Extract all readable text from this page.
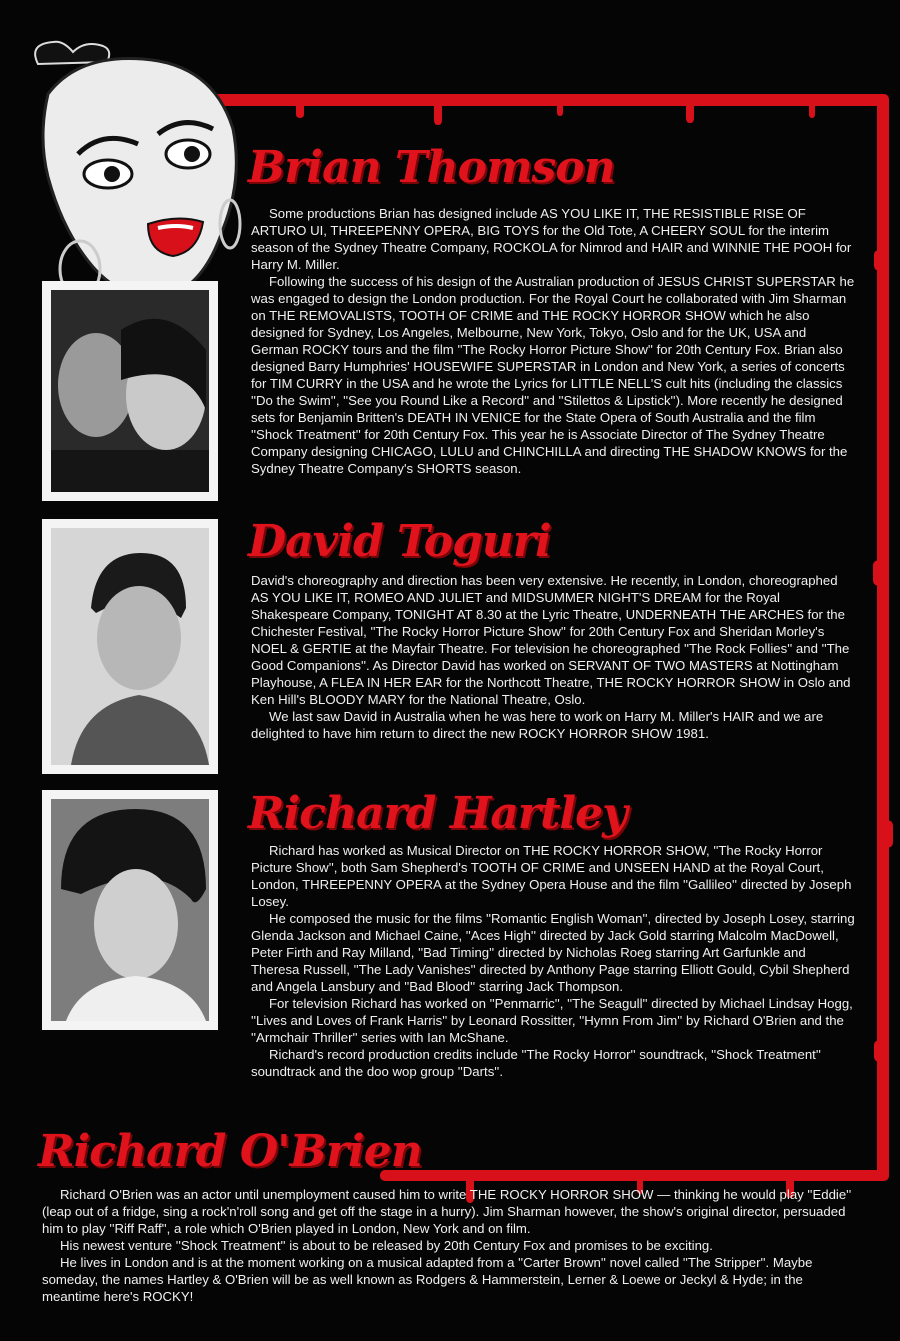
Brian Thomson

Some productions Brian has designed include AS YOU LIKE IT, THE RESISTIBLE RISE OF ARTURO UI, THREEPENNY OPERA, BIG TOYS for the Old Tote, A CHEERY SOUL for the interim season of the Sydney Theatre Company, ROCKOLA for Nimrod and HAIR and WINNIE THE POOH for Harry M. Miller.

Following the success of his design of the Australian production of JESUS CHRIST SUPERSTAR he was engaged to design the London production. For the Royal Court he collaborated with Jim Sharman on THE REMOVALISTS, TOOTH OF CRIME and THE ROCKY HORROR SHOW which he also designed for Sydney, Los Angeles, Melbourne, New York, Tokyo, Oslo and for the UK, USA and German ROCKY tours and the film ''The Rocky Horror Picture Show'' for 20th Century Fox. Brian also designed Barry Humphries' HOUSEWIFE SUPERSTAR in London and New York, a series of concerts for TIM CURRY in the USA and he wrote the Lyrics for LITTLE NELL'S cult hits (including the classics ''Do the Swim'', ''See you Round Like a Record'' and ''Stilettos & Lipstick''). More recently he designed sets for Benjamin Britten's DEATH IN VENICE for the State Opera of South Australia and the film ''Shock Treatment'' for 20th Century Fox. This year he is Associate Director of The Sydney Theatre Company designing CHICAGO, LULU and CHINCHILLA and directing THE SHADOW KNOWS for the Sydney Theatre Company's SHORTS season.

David Toguri

David's choreography and direction has been very extensive. He recently, in London, choreographed AS YOU LIKE IT, ROMEO AND JULIET and MIDSUMMER NIGHT'S DREAM for the Royal Shakespeare Company, TONIGHT AT 8.30 at the Lyric Theatre, UNDERNEATH THE ARCHES for the Chichester Festival, ''The Rocky Horror Picture Show'' for 20th Century Fox and Sheridan Morley's NOEL & GERTIE at the Mayfair Theatre. For television he choreographed ''The Rock Follies'' and ''The Good Companions''. As Director David has worked on SERVANT OF TWO MASTERS at Nottingham Playhouse, A FLEA IN HER EAR for the Northcott Theatre, THE ROCKY HORROR SHOW in Oslo and Ken Hill's BLOODY MARY for the National Theatre, Oslo.

We last saw David in Australia when he was here to work on Harry M. Miller's HAIR and we are delighted to have him return to direct the new ROCKY HORROR SHOW 1981.

Richard Hartley

Richard has worked as Musical Director on THE ROCKY HORROR SHOW, ''The Rocky Horror Picture Show'', both Sam Shepherd's TOOTH OF CRIME and UNSEEN HAND at the Royal Court, London, THREEPENNY OPERA at the Sydney Opera House and the film ''Gallileo'' directed by Joseph Losey.

He composed the music for the films ''Romantic English Woman'', directed by Joseph Losey, starring Glenda Jackson and Michael Caine, ''Aces High'' directed by Jack Gold starring Malcolm MacDowell, Peter Firth and Ray Milland, ''Bad Timing'' directed by Nicholas Roeg starring Art Garfunkle and Theresa Russell, ''The Lady Vanishes'' directed by Anthony Page starring Elliott Gould, Cybil Shepherd and Angela Lansbury and ''Bad Blood'' starring Jack Thompson.

For television Richard has worked on ''Penmarric'', ''The Seagull'' directed by Michael Lindsay Hogg, ''Lives and Loves of Frank Harris'' by Leonard Rossitter, ''Hymn From Jim'' by Richard O'Brien and the ''Armchair Thriller'' series with Ian McShane.

Richard's record production credits include ''The Rocky Horror'' soundtrack, ''Shock Treatment'' soundtrack and the doo wop group ''Darts''.

Richard O'Brien

Richard O'Brien was an actor until unemployment caused him to write THE ROCKY HORROR SHOW — thinking he would play ''Eddie'' (leap out of a fridge, sing a rock'n'roll song and get off the stage in a hurry). Jim Sharman however, the show's original director, persuaded him to play ''Riff Raff'', a role which O'Brien played in London, New York and on film.

His newest venture ''Shock Treatment'' is about to be released by 20th Century Fox and promises to be exciting.

He lives in London and is at the moment working on a musical adapted from a ''Carter Brown'' novel called ''The Stripper''. Maybe someday, the names Hartley & O'Brien will be as well known as Rodgers & Hammerstein, Lerner & Loewe or Jeckyl & Hyde; in the meantime here's ROCKY!
